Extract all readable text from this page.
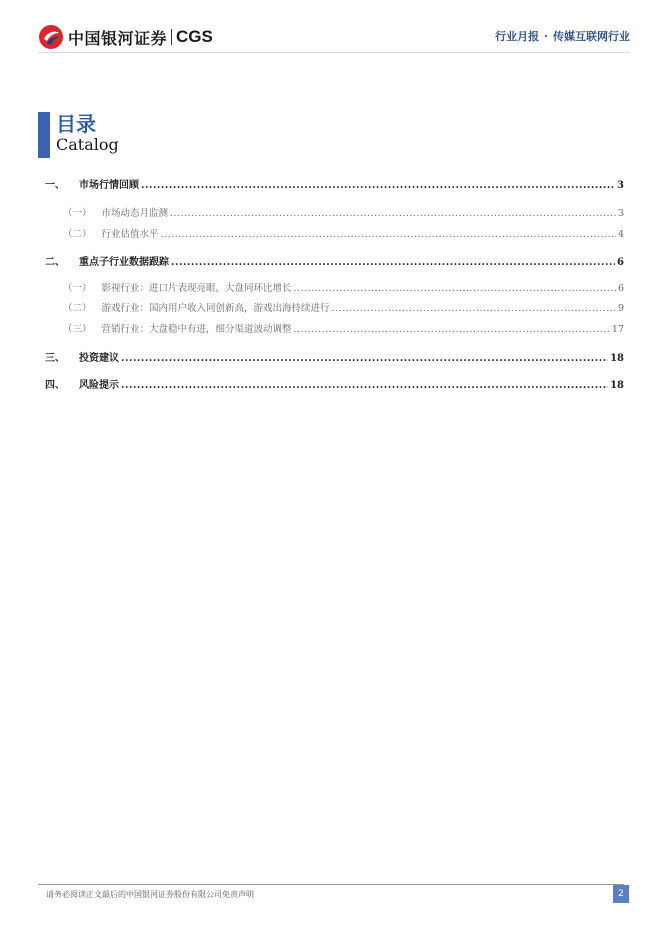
中国银河证券 CGS	行业月报 · 传媒互联网行业
目录
Catalog
一、 市场行情回顾 .....	3
（一） 市场动态月监测 .....	3
（二） 行业估值水平 .....	4
二、 重点子行业数据跟踪 .....	6
（一） 影视行业：进口片表现亮眼，大盘同环比增长 .....	6
（二） 游戏行业：国内用户收入同创新高，游戏出海持续进行 .....	9
（三） 营销行业：大盘稳中有进，细分渠道波动调整 .....	17
三、 投资建议 .....	18
四、 风险提示 .....	18
请务必阅读正文最后的中国银河证券股份有限公司免责声明	2
